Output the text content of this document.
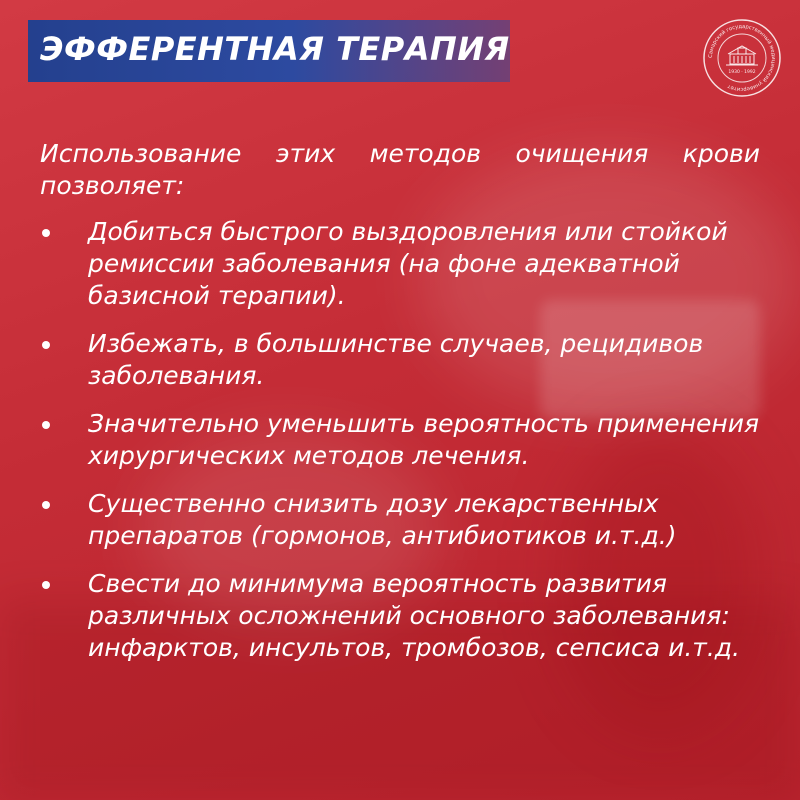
ЭФФЕРЕНТНАЯ ТЕРАПИЯ	Самарский государственный медицинский университет
1930 · 1992

Использование этих методов очищения крови позволяет:

Добиться быстрого выздоровления или стойкой ремиссии заболевания (на фоне адекватной базисной терапии).
Избежать, в большинстве случаев, рецидивов заболевания.
Значительно уменьшить вероятность применения хирургических методов лечения.
Существенно снизить дозу лекарственных препаратов (гормонов, антибиотиков и.т.д.)
Свести до минимума вероятность развития различных осложнений основного заболевания: инфарктов, инсультов, тромбозов, сепсиса и.т.д.
